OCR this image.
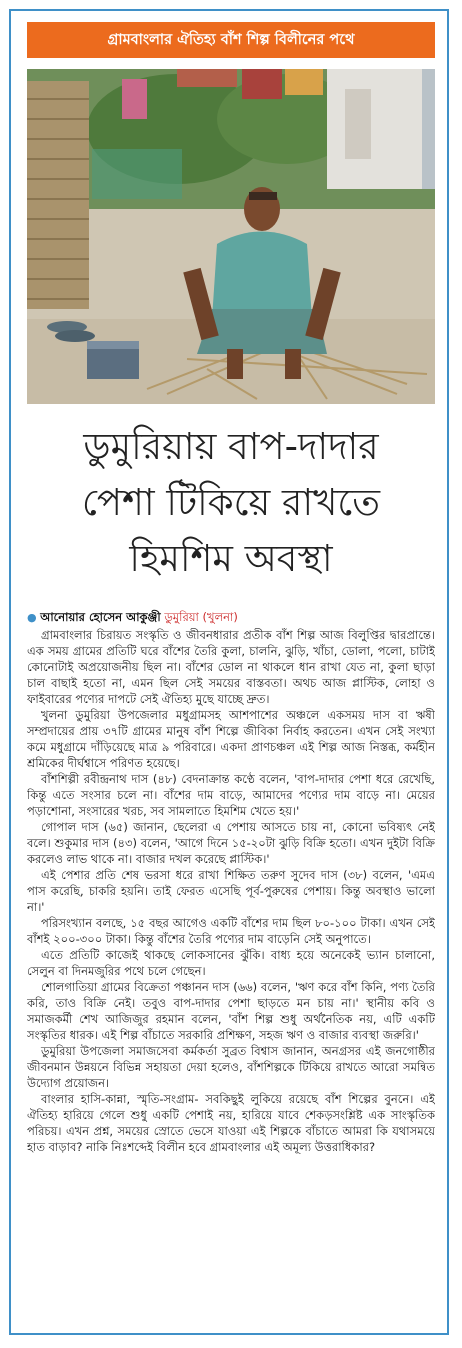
গ্রামবাংলার ঐতিহ্য বাঁশ শিল্প বিলীনের পথে
ডুমুরিয়ায় বাপ-দাদার
পেশা টিকিয়ে রাখতে
হিমশিম অবস্থা
● আনোয়ার হোসেন আকুঞ্জী ডুমুরিয়া (খুলনা)

গ্রামবাংলার চিরায়ত সংস্কৃতি ও জীবনধারার প্রতীক বাঁশ শিল্প আজ বিলুপ্তির দ্বারপ্রান্তে। এক সময় গ্রামের প্রতিটি ঘরে বাঁশের তৈরি কুলা, চালনি, ঝুড়ি, খাঁচা, ডোলা, পলো, চাটাই কোনোটাই অপ্রয়োজনীয় ছিল না। বাঁশের ডোল না থাকলে ধান রাখা যেত না, কুলা ছাড়া চাল বাছাই হতো না, এমন ছিল সেই সময়ের বাস্তবতা। অথচ আজ প্লাস্টিক, লোহা ও ফাইবারের পণ্যের দাপটে সেই ঐতিহ্য মুছে যাচ্ছে দ্রুত।

খুলনা ডুমুরিয়া উপজেলার মধুগ্রামসহ আশপাশের অঞ্চলে একসময় দাস বা ঋষী সম্প্রদায়ের প্রায় ৩৭টি গ্রামের মানুষ বাঁশ শিল্পে জীবিকা নির্বাহ করতেন। এখন সেই সংখ্যা কমে মধুগ্রামে দাঁড়িয়েছে মাত্র ৯ পরিবারে। একদা প্রাণচঞ্চল এই শিল্প আজ নিস্তব্ধ, কর্মহীন শ্রমিকের দীর্ঘশ্বাসে পরিণত হয়েছে।

বাঁশশিল্পী রবীন্দ্রনাথ দাস (৪৮) বেদনাক্রান্ত কণ্ঠে বলেন, 'বাপ-দাদার পেশা ধরে রেখেছি, কিন্তু এতে সংসার চলে না। বাঁশের দাম বাড়ে, আমাদের পণ্যের দাম বাড়ে না। মেয়ের পড়াশোনা, সংসারের খরচ, সব সামলাতে হিমশিম খেতে হয়।'

গোপাল দাস (৬৫) জানান, ছেলেরা এ পেশায় আসতে চায় না, কোনো ভবিষ্যৎ নেই বলে। শুকুমার দাস (৪৩) বলেন, 'আগে দিনে ১৫-২০টা ঝুড়ি বিক্রি হতো। এখন দুইটা বিক্রি করলেও লাভ থাকে না। বাজার দখল করেছে প্লাস্টিক।'

এই পেশার প্রতি শেষ ভরসা ধরে রাখা শিক্ষিত তরুণ সুদেব দাস (৩৮) বলেন, 'এমএ পাস করেছি, চাকরি হয়নি। তাই ফেরত এসেছি পূর্ব-পুরুষের পেশায়। কিন্তু অবস্থাও ভালো না।'

পরিসংখ্যান বলছে, ১৫ বছর আগেও একটি বাঁশের দাম ছিল ৮০-১০০ টাকা। এখন সেই বাঁশই ২০০-৩০০ টাকা। কিন্তু বাঁশের তৈরি পণ্যের দাম বাড়েনি সেই অনুপাতে।

এতে প্রতিটি কাজেই থাকছে লোকসানের ঝুঁকি। বাধ্য হয়ে অনেকেই ভ্যান চালানো, সেলুন বা দিনমজুরির পথে চলে গেছেন।

শোলগাতিয়া গ্রামের বিক্রেতা পঞ্চানন দাস (৬৬) বলেন, 'ঋণ করে বাঁশ কিনি, পণ্য তৈরি করি, তাও বিক্রি নেই। তবুও বাপ-দাদার পেশা ছাড়তে মন চায় না।' স্থানীয় কবি ও সমাজকর্মী শেখ আজিজুর রহমান বলেন, 'বাঁশ শিল্প শুধু অর্থনৈতিক নয়, এটি একটি সংস্কৃতির ধারক। এই শিল্প বাঁচাতে সরকারি প্রশিক্ষণ, সহজ ঋণ ও বাজার ব্যবস্থা জরুরি।'

ডুমুরিয়া উপজেলা সমাজসেবা কর্মকর্তা সুব্রত বিশ্বাস জানান, অনগ্রসর এই জনগোষ্ঠীর জীবনমান উন্নয়নে বিভিন্ন সহায়তা দেয়া হলেও, বাঁশশিল্পকে টিকিয়ে রাখতে আরো সমন্বিত উদ্যোগ প্রয়োজন।

বাংলার হাসি-কান্না, স্মৃতি-সংগ্রাম- সবকিছুই লুকিয়ে রয়েছে বাঁশ শিল্পের বুননে। এই ঐতিহ্য হারিয়ে গেলে শুধু একটি পেশাই নয়, হারিয়ে যাবে শেকড়সংশ্লিষ্ট এক সাংস্কৃতিক পরিচয়। এখন প্রশ্ন, সময়ের স্রোতে ভেসে যাওয়া এই শিল্পকে বাঁচাতে আমরা কি যথাসময়ে হাত বাড়াব? নাকি নিঃশব্দেই বিলীন হবে গ্রামবাংলার এই অমূল্য উত্তরাধিকার?
